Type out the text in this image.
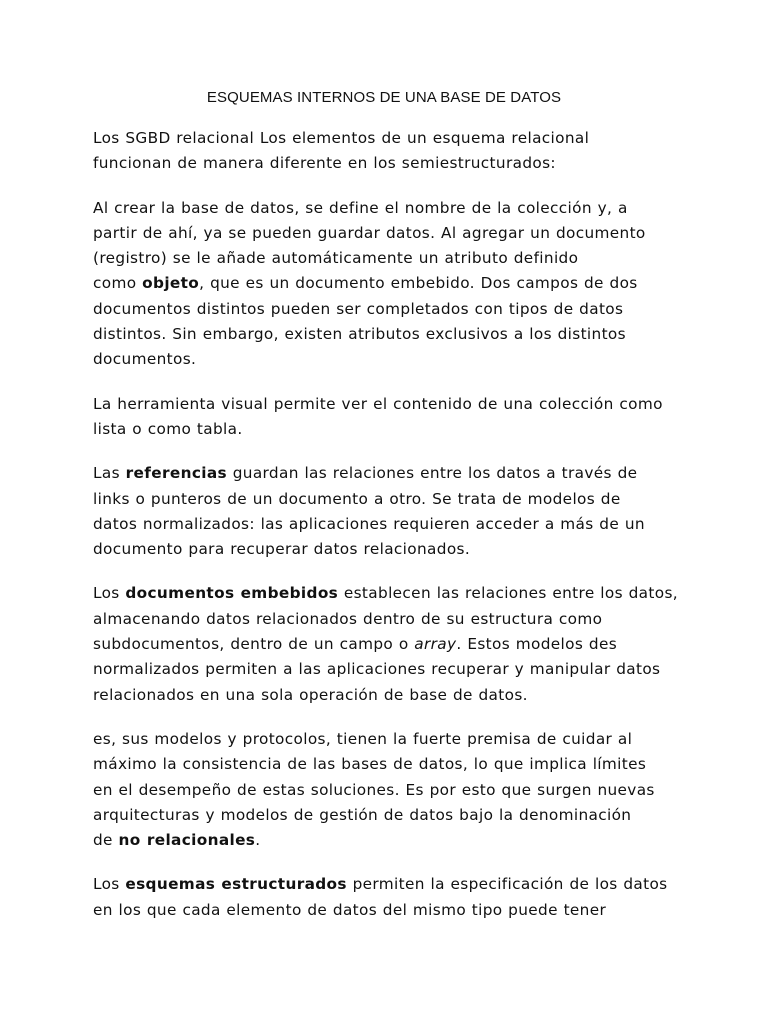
ESQUEMAS INTERNOS DE UNA BASE DE DATOS

Los SGBD relacional Los elementos de un esquema relacional
funcionan de manera diferente en los semiestructurados:

Al crear la base de datos, se define el nombre de la colección y, a
partir de ahí, ya se pueden guardar datos. Al agregar un documento
(registro) se le añade automáticamente un atributo definido
como objeto, que es un documento embebido. Dos campos de dos
documentos distintos pueden ser completados con tipos de datos
distintos. Sin embargo, existen atributos exclusivos a los distintos
documentos.

La herramienta visual permite ver el contenido de una colección como
lista o como tabla.

Las referencias guardan las relaciones entre los datos a través de
links o punteros de un documento a otro. Se trata de modelos de
datos normalizados: las aplicaciones requieren acceder a más de un
documento para recuperar datos relacionados.

Los documentos embebidos establecen las relaciones entre los datos,
almacenando datos relacionados dentro de su estructura como
subdocumentos, dentro de un campo o array. Estos modelos des
normalizados permiten a las aplicaciones recuperar y manipular datos
relacionados en una sola operación de base de datos.

es, sus modelos y protocolos, tienen la fuerte premisa de cuidar al
máximo la consistencia de las bases de datos, lo que implica límites
en el desempeño de estas soluciones. Es por esto que surgen nuevas
arquitecturas y modelos de gestión de datos bajo la denominación
de no relacionales.

Los esquemas estructurados permiten la especificación de los datos
en los que cada elemento de datos del mismo tipo puede tener
